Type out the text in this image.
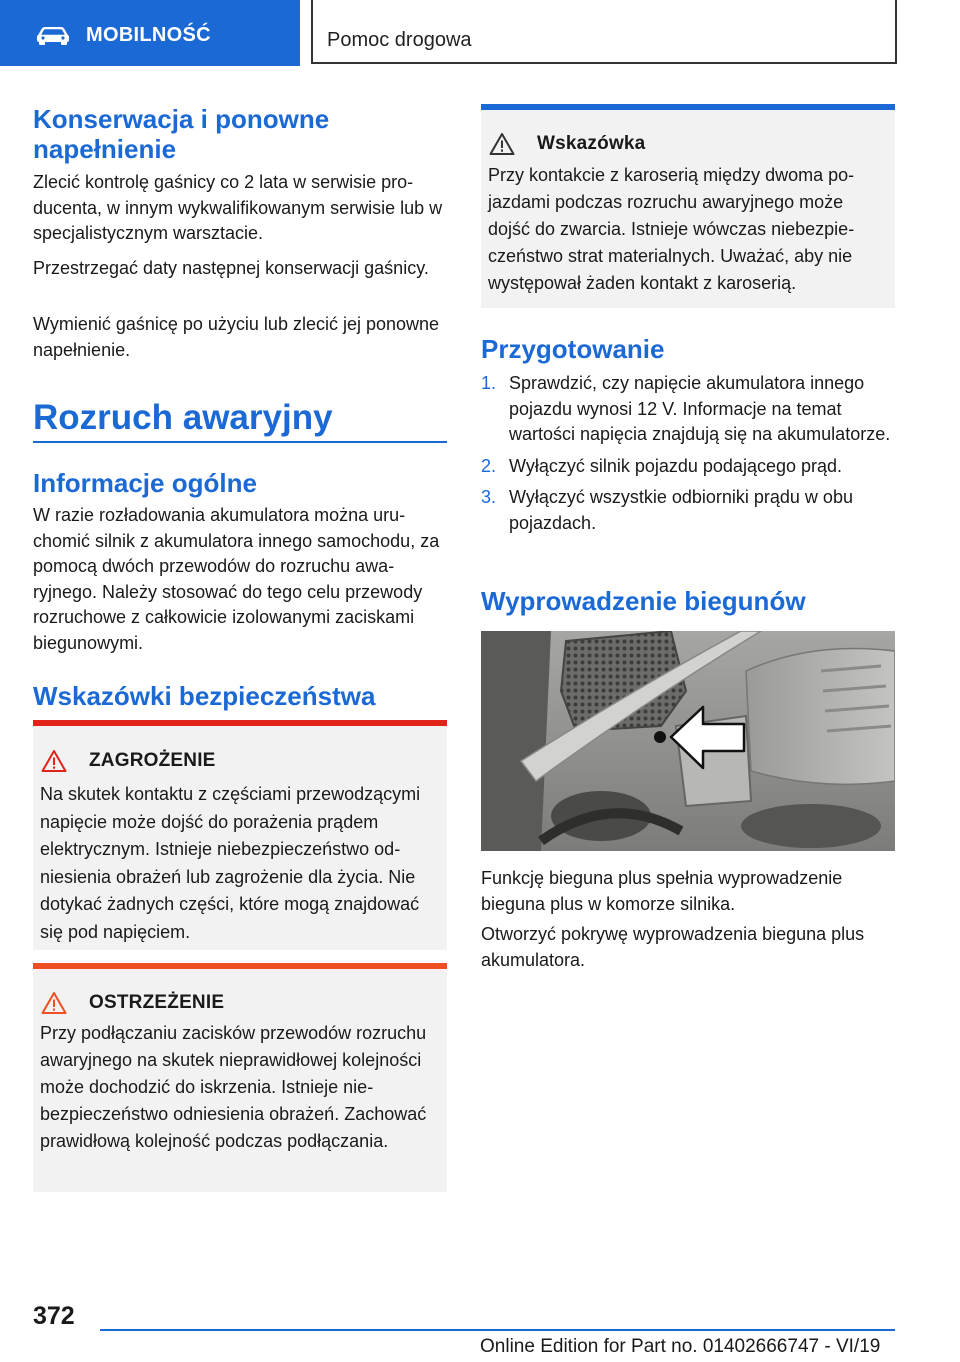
MOBILNOŚĆ	Pomoc drogowa
Konserwacja i ponowne napełnienie

Zlecić kontrolę gaśnicy co 2 lata w serwisie producenta, w innym wykwalifikowanym serwisie lub w specjalistycznym warsztacie.

Przestrzegać daty następnej konserwacji gaśnicy.

Wymienić gaśnicę po użyciu lub zlecić jej ponowne napełnienie.

Rozruch awaryjny
Informacje ogólne

W razie rozładowania akumulatora można uruchomić silnik z akumulatora innego samochodu, za pomocą dwóch przewodów do rozruchu awaryjnego. Należy stosować do tego celu przewody rozruchowe z całkowicie izolowanymi zaciskami biegunowymi.

Wskazówki bezpieczeństwa
ZAGROŻENIE
Na skutek kontaktu z częściami przewodzącymi napięcie może dojść do porażenia prądem elektrycznym. Istnieje niebezpieczeństwo odniesienia obrażeń lub zagrożenie dla życia. Nie dotykać żadnych części, które mogą znajdować się pod napięciem.
OSTRZEŻENIE
Przy podłączaniu zacisków przewodów rozruchu awaryjnego na skutek nieprawidłowej kolejności może dochodzić do iskrzenia. Istnieje niebezpieczeństwo odniesienia obrażeń. Zachować prawidłową kolejność podczas podłączania.
Wskazówka
Przy kontakcie z karoserią między dwoma pojazdami podczas rozruchu awaryjnego może dojść do zwarcia. Istnieje wówczas niebezpieczeństwo strat materialnych. Uważać, aby nie występował żaden kontakt z karoserią.
Przygotowanie
1. Sprawdzić, czy napięcie akumulatora innego pojazdu wynosi 12 V. Informacje na temat wartości napięcia znajdują się na akumulatorze.
2. Wyłączyć silnik pojazdu podającego prąd.
3. Wyłączyć wszystkie odbiorniki prądu w obu pojazdach.
Wyprowadzenie biegunów

Funkcję bieguna plus spełnia wyprowadzenie bieguna plus w komorze silnika.

Otworzyć pokrywę wyprowadzenia bieguna plus akumulatora.

372
Online Edition for Part no. 01402666747 - VI/19
